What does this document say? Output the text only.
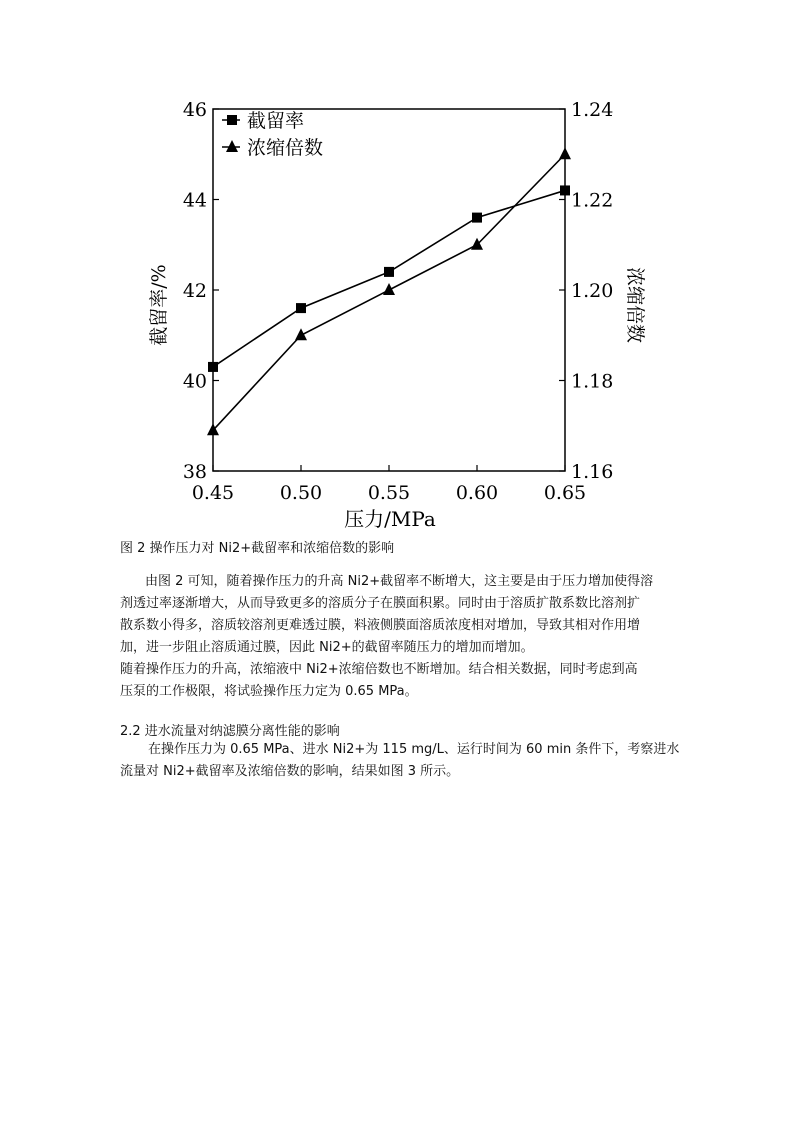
0.45 0.50 0.55 0.60 0.65
38
40
42
44
46
1.16
1.18
1.20
1.22
1.24
截留率
浓缩倍数
压力/MPa
截留率/%	浓缩倍数
图 2 操作压力对 Ni2+截留率和浓缩倍数的影响
由图 2 可知，随着操作压力的升高 Ni2+截留率不断增大，这主要是由于压力增加使得溶
剂透过率逐渐增大，从而导致更多的溶质分子在膜面积累。同时由于溶质扩散系数比溶剂扩
散系数小得多，溶质较溶剂更难透过膜，料液侧膜面溶质浓度相对增加，导致其相对作用增
加，进一步阻止溶质通过膜，因此 Ni2+的截留率随压力的增加而增加。
随着操作压力的升高，浓缩液中 Ni2+浓缩倍数也不断增加。结合相关数据，同时考虑到高
压泵的工作极限，将试验操作压力定为 0.65 MPa。
2.2 进水流量对纳滤膜分离性能的影响
在操作压力为 0.65 MPa、进水 Ni2+为 115 mg/L、运行时间为 60 min 条件下，考察进水
流量对 Ni2+截留率及浓缩倍数的影响，结果如图 3 所示。
